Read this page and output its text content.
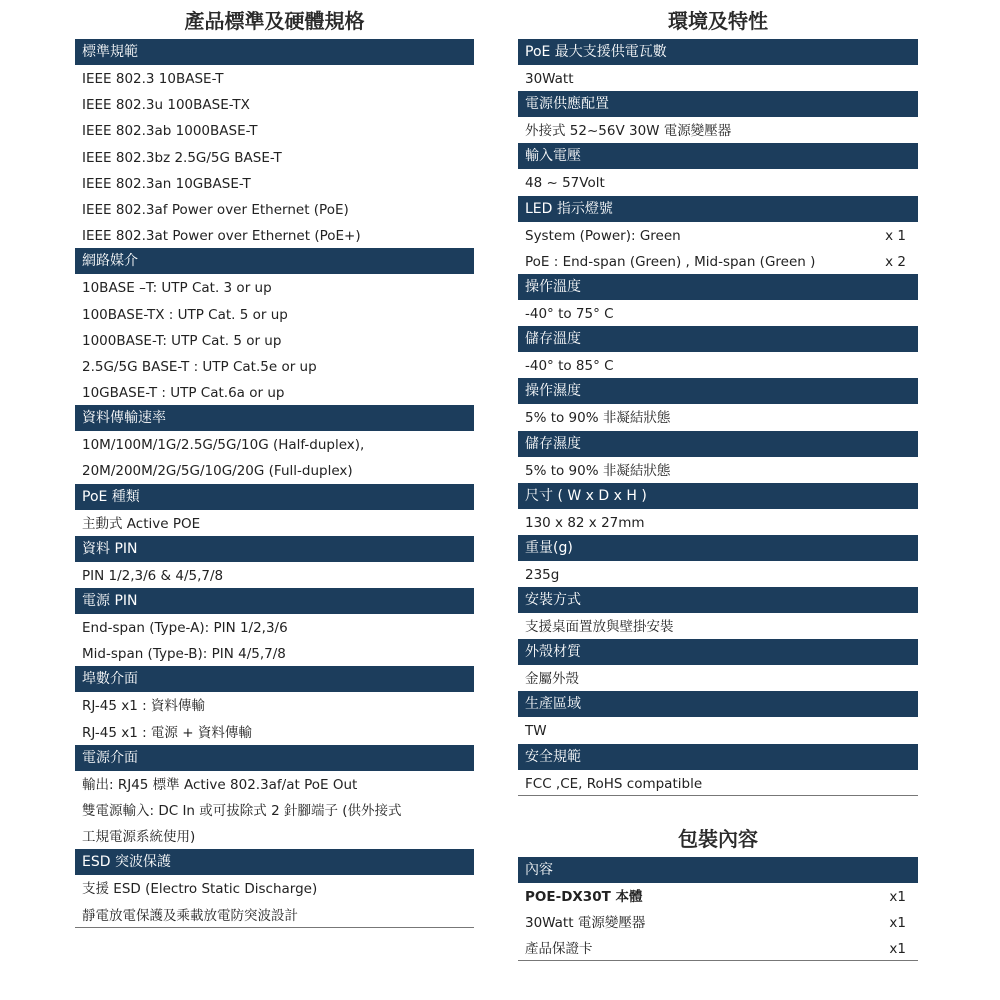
產品標準及硬體規格
標準規範
IEEE 802.3 10BASE-T
IEEE 802.3u 100BASE-TX
IEEE 802.3ab 1000BASE-T
IEEE 802.3bz 2.5G/5G BASE-T
IEEE 802.3an 10GBASE-T
IEEE 802.3af Power over Ethernet (PoE)
IEEE 802.3at Power over Ethernet (PoE+)
網路媒介
10BASE –T: UTP Cat. 3 or up
100BASE-TX : UTP Cat. 5 or up
1000BASE-T: UTP Cat. 5 or up
2.5G/5G BASE-T : UTP Cat.5e or up
10GBASE-T : UTP Cat.6a or up
資料傳輸速率
10M/100M/1G/2.5G/5G/10G (Half-duplex),
20M/200M/2G/5G/10G/20G (Full-duplex)
PoE 種類
主動式 Active POE
資料 PIN
PIN 1/2,3/6 & 4/5,7/8
電源 PIN
End-span (Type-A): PIN 1/2,3/6
Mid-span (Type-B): PIN 4/5,7/8
埠數介面
RJ-45 x1 : 資料傳輸
RJ-45 x1 : 電源 + 資料傳輸
電源介面
輸出: RJ45 標準 Active 802.3af/at PoE Out
雙電源輸入: DC In 或可拔除式 2 針腳端子 (供外接式
工規電源系統使用)
ESD 突波保護
支援 ESD (Electro Static Discharge)
靜電放電保護及乘載放電防突波設計
環境及特性
PoE 最大支援供電瓦數
30Watt
電源供應配置
外接式 52~56V 30W 電源變壓器
輸入電壓
48 ~ 57Volt
LED 指示燈號
System (Power): Green	x 1
PoE : End-span (Green) , Mid-span (Green )	x 2
操作溫度
-40° to 75° C
儲存溫度
-40° to 85° C
操作濕度
5% to 90% 非凝結狀態
儲存濕度
5% to 90% 非凝結狀態
尺寸 ( W x D x H )
130 x 82 x 27mm
重量(g)
235g
安裝方式
支援桌面置放與壁掛安裝
外殼材質
金屬外殼
生產區域
TW
安全規範
FCC ,CE, RoHS compatible
包裝內容
內容
POE-DX30T 本體	x1
30Watt 電源變壓器	x1
產品保證卡	x1
